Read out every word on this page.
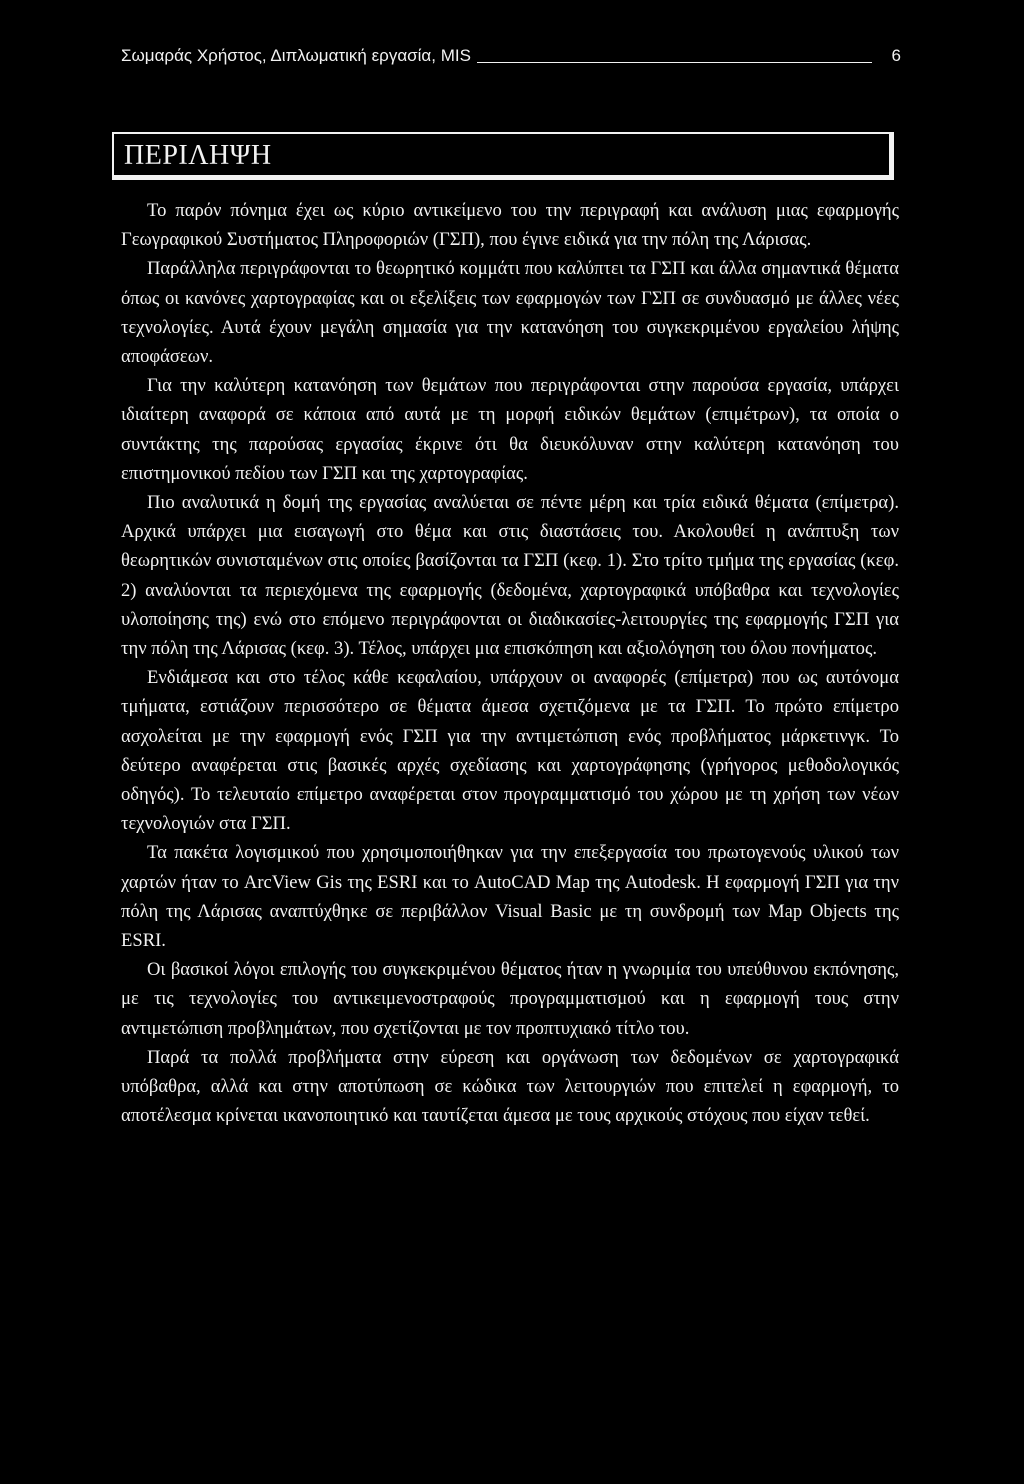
Σωμαράς Χρήστος, Διπλωματική εργασία, MIS	6
ΠΕΡΙΛΗΨΗ

Το παρόν πόνημα έχει ως κύριο αντικείμενο του την περιγραφή και ανάλυση μιας εφαρμογής Γεωγραφικού Συστήματος Πληροφοριών (ΓΣΠ), που έγινε ειδικά για την πόλη της Λάρισας.

Παράλληλα περιγράφονται το θεωρητικό κομμάτι που καλύπτει τα ΓΣΠ και άλλα σημαντικά θέματα όπως οι κανόνες χαρτογραφίας και οι εξελίξεις των εφαρμογών των ΓΣΠ σε συνδυασμό με άλλες νέες τεχνολογίες. Αυτά έχουν μεγάλη σημασία για την κατανόηση του συγκεκριμένου εργαλείου λήψης αποφάσεων.

Για την καλύτερη κατανόηση των θεμάτων που περιγράφονται στην παρούσα εργασία, υπάρχει ιδιαίτερη αναφορά σε κάποια από αυτά με τη μορφή ειδικών θεμάτων (επιμέτρων), τα οποία ο συντάκτης της παρούσας εργασίας έκρινε ότι θα διευκόλυναν στην καλύτερη κατανόηση του επιστημονικού πεδίου των ΓΣΠ και της χαρτογραφίας.

Πιο αναλυτικά η δομή της εργασίας αναλύεται σε πέντε μέρη και τρία ειδικά θέματα (επίμετρα). Αρχικά υπάρχει μια εισαγωγή στο θέμα και στις διαστάσεις του. Ακολουθεί η ανάπτυξη των θεωρητικών συνισταμένων στις οποίες βασίζονται τα ΓΣΠ (κεφ. 1). Στο τρίτο τμήμα της εργασίας (κεφ. 2) αναλύονται τα περιεχόμενα της εφαρμογής (δεδομένα, χαρτογραφικά υπόβαθρα και τεχνολογίες υλοποίησης της) ενώ στο επόμενο περιγράφονται οι διαδικασίες-λειτουργίες της εφαρμογής ΓΣΠ για την πόλη της Λάρισας (κεφ. 3). Τέλος, υπάρχει μια επισκόπηση και αξιολόγηση του όλου πονήματος.

Ενδιάμεσα και στο τέλος κάθε κεφαλαίου, υπάρχουν οι αναφορές (επίμετρα) που ως αυτόνομα τμήματα, εστιάζουν περισσότερο σε θέματα άμεσα σχετιζόμενα με τα ΓΣΠ. Το πρώτο επίμετρο ασχολείται με την εφαρμογή ενός ΓΣΠ για την αντιμετώπιση ενός προβλήματος μάρκετινγκ. Το δεύτερο αναφέρεται στις βασικές αρχές σχεδίασης και χαρτογράφησης (γρήγορος μεθοδολογικός οδηγός). Το τελευταίο επίμετρο αναφέρεται στον προγραμματισμό του χώρου με τη χρήση των νέων τεχνολογιών στα ΓΣΠ.

Τα πακέτα λογισμικού που χρησιμοποιήθηκαν για την επεξεργασία του πρωτογενούς υλικού των χαρτών ήταν το ArcView Gis της ESRI και το AutoCAD Map της Autodesk. Η εφαρμογή ΓΣΠ για την πόλη της Λάρισας αναπτύχθηκε σε περιβάλλον Visual Basic με τη συνδρομή των Map Objects της ESRI.

Οι βασικοί λόγοι επιλογής του συγκεκριμένου θέματος ήταν η γνωριμία του υπεύθυνου εκπόνησης, με τις τεχνολογίες του αντικειμενοστραφούς προγραμματισμού και η εφαρμογή τους στην αντιμετώπιση προβλημάτων, που σχετίζονται με τον προπτυχιακό τίτλο του.

Παρά τα πολλά προβλήματα στην εύρεση και οργάνωση των δεδομένων σε χαρτογραφικά υπόβαθρα, αλλά και στην αποτύπωση σε κώδικα των λειτουργιών που επιτελεί η εφαρμογή, το αποτέλεσμα κρίνεται ικανοποιητικό και ταυτίζεται άμεσα με τους αρχικούς στόχους που είχαν τεθεί.
